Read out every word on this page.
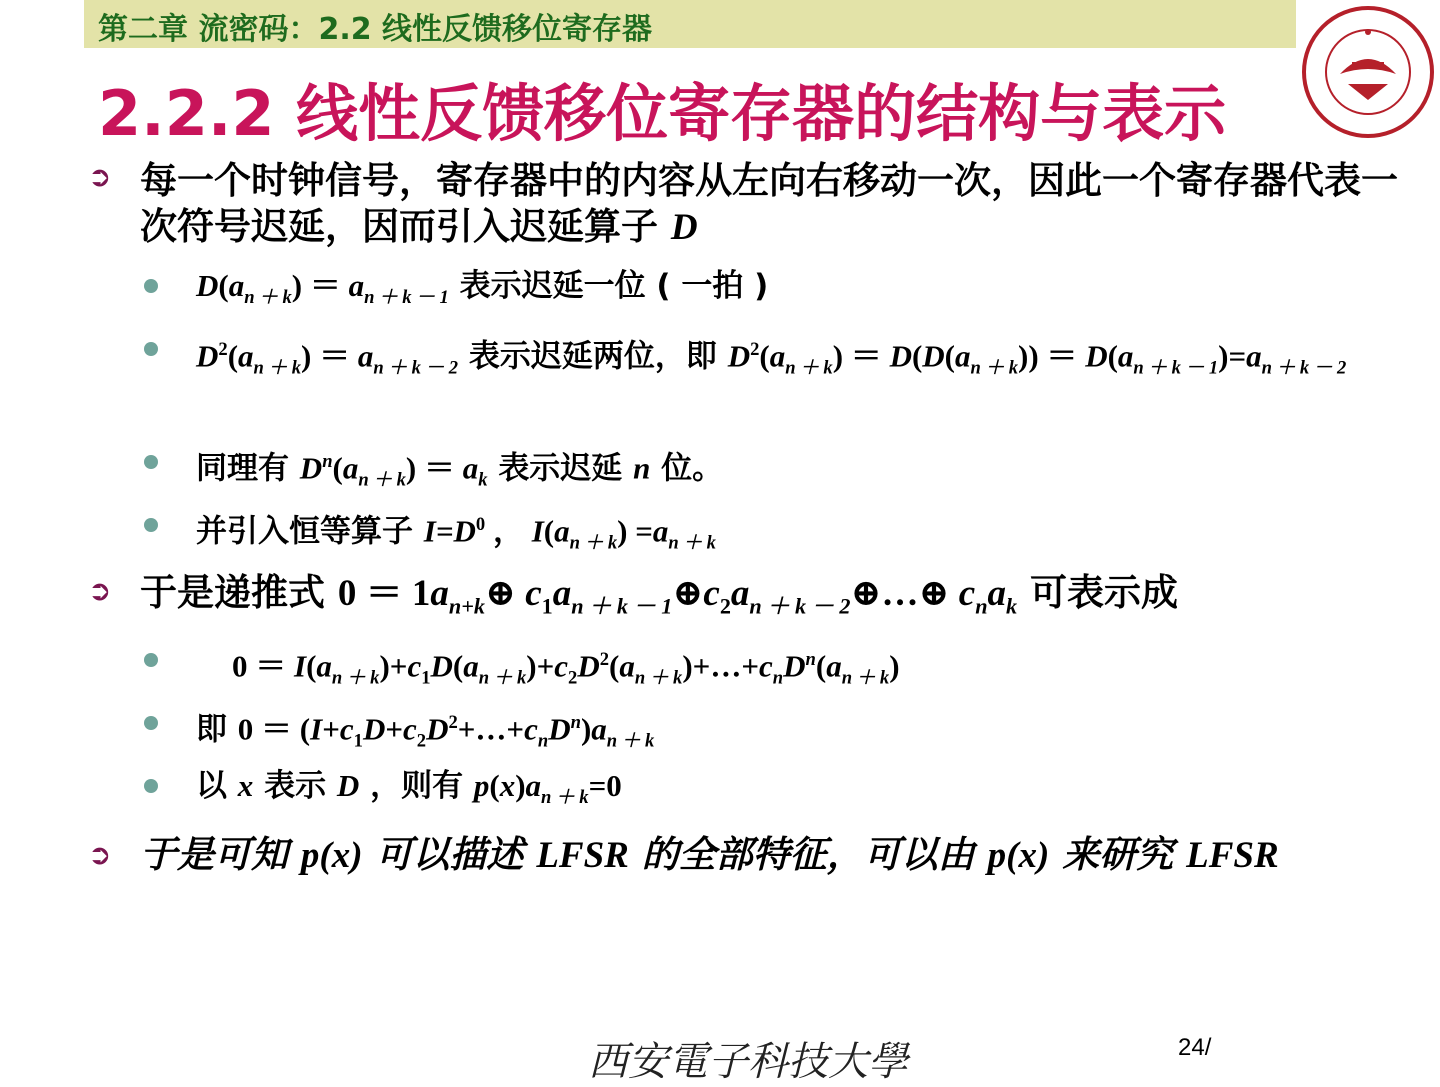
第二章 流密码：2.2 线性反馈移位寄存器
2.2.2 线性反馈移位寄存器的结构与表示
➲ 每一个时钟信号，寄存器中的内容从左向右移动一次，因此一个寄存器代表一次符号迟延，因而引入迟延算子 D
$D(a_{n + k}) = a_{n + k - 1}$ 表示迟延一位 ( 一拍 )
$D^2(a_{n + k}) = a_{n + k - 2}$ 表示迟延两位，即 $D^2(a_{n + k}) = D(D(a_{n + k})) = D(a_{n + k - 1})=a_{n + k - 2}$
同理有 $D^n(a_{n + k}) = a_k$ 表示迟延 n 位。
并引入恒等算子 $I=D^0$ ， $I(a_{n + k}) =a_{n + k}$
➲ 于是递推式 $0 = 1a_{n+k}\oplus$ $c_1a_{n + k - 1}\oplus c_2a_{n + k - 2}\oplus\dots\oplus$ $c_na_k$ 可表示成
$0 = I(a_{n + k})+c_1D(a_{n + k})+c_2D^2(a_{n + k})+\dots+c_nD^n(a_{n + k})$
即 $0 = (I+c_1D+c_2D^2+\dots+c_nD^n)a_{n + k}$
以 x 表示 D ，则有 $p(x)a_{n + k}=0$
➲ 于是可知 p(x) 可以描述 LFSR 的全部特征，可以由 p(x) 来研究 LFSR
西安電子科技大學	24/
